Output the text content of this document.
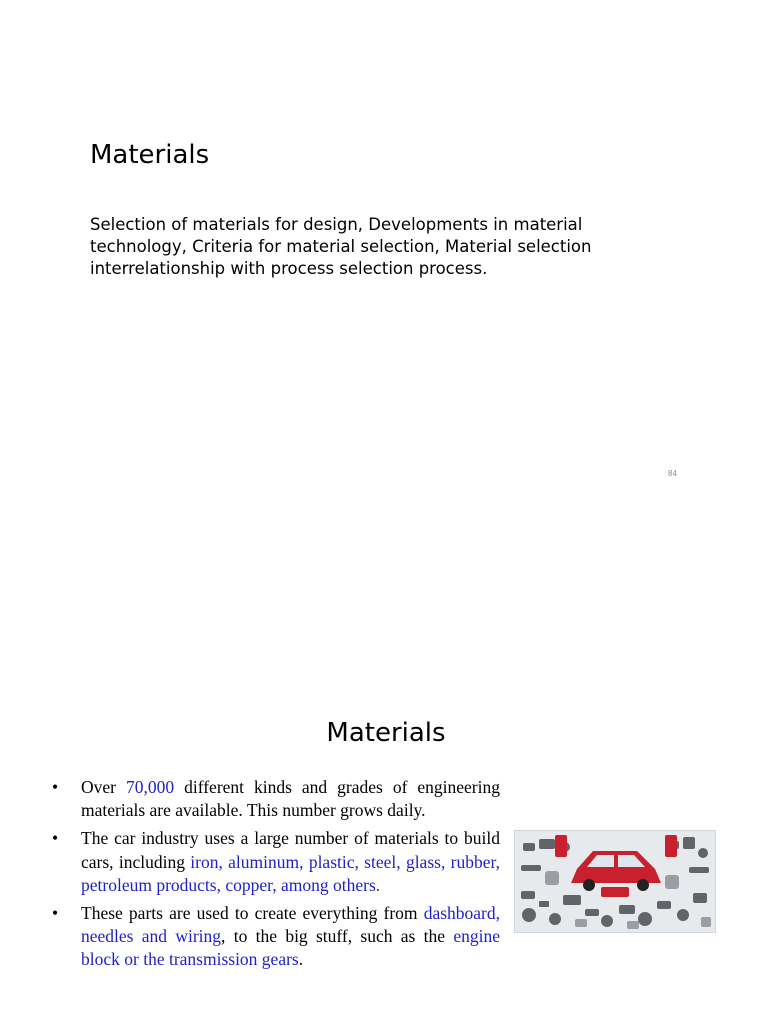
Materials
Selection of materials for design, Developments in material technology, Criteria for material selection, Material selection interrelationship with process selection process.
84
Materials
• Over 70,000 different kinds and grades of engineering materials are available. This number grows daily.
• The car industry uses a large number of materials to build cars, including iron, aluminum, plastic, steel, glass, rubber, petroleum products, copper, among others.
• These parts are used to create everything from dashboard, needles and wiring, to the big stuff, such as the engine block or the transmission gears.
